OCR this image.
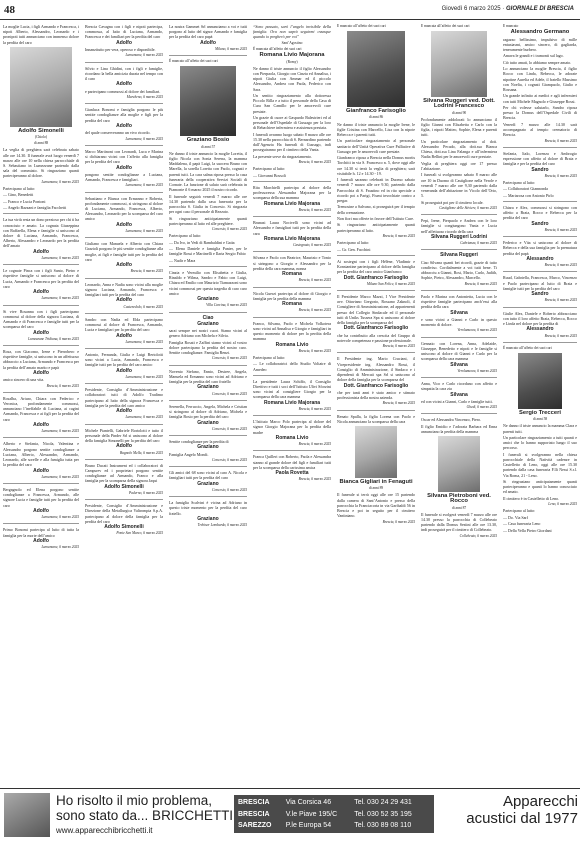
48	Giovedì 6 marzo 2025 · GIORNALE DI BRESCIA

La moglie Lucia, i figli Armando e Francesca, i nipoti Alberto, Alessandro, Leonardo e i pronipoti tutti annunciano con immenso dolore la perdita del caro

Adolfo Simonelli
(Chiolo)
di anni 88

La veglia di preghiera sarà celebrata sabato alle ore 14.30. Il funerale avrà luogo venerdì 7 marzo alle ore 10 nella chiesa parrocchiale di S. Sebastiano in Lumezzane partendo dalla sala del commiato. Si ringraziano quanti parteciperanno al dolore.

Lumezzane, 6 marzo 2025

Partecipano al lutto:

— Gino, Benedetti

— Franco e Lucia Pontoni

— Angelo Bazzani e famiglia Facchetti

La tua virtù resta un dono prezioso per chi ti ha conosciuto e amato. La cognata Giuseppina con Raffaella, Elena e famiglie si uniscono al dolore di Luciana, Armando, Francesca, Alberto, Alessandro e Leonardo per la perdita dell’amato

Adolfo
Lumezzane, 6 marzo 2025

Le cognate Pinca con i figli Santo, Pietro e rispettive famiglie si uniscono al dolore di Lucia, Armando e Francesca per la perdita del caro

Adolfo
Lumezzane, 6 marzo 2025

Si vive Rosanna con i figli partecipano commossi al dolore della signora Luciana, di Armando e di Francesca e famiglie tutti per la scomparsa del caro

Adolfo
Lumezzane Tridiana, 6 marzo 2025

Rosa, con Giacomo, Irene e Pierrobero e rispettive famiglie, si uniscono in un affettuoso abbraccio a Luciana, Armando e Francesca per la perdita dell’amato marito e papà

Adolfo

amico sincero di una vita.

Brescia, 6 marzo 2025

Rosalba, Arturo, Chiara con Federico e Veronica, profondamente commossi, annunciano l’ineffabile di Luciana, ai cugini Armando, Francesca e ai figli per la perdita del caro

Adolfo
Lumezzane, 6 marzo 2025

Alberto e Stefania, Nicola, Valentina e Alessandro porgono sentite condoglianze a Luciana, Alberto, Alessandro, Armando, Leonardo, alle sorelle e alla famiglia tutta per la perdita del caro

Adolfo
Lumezzane, 6 marzo 2025

Bergagnolo ed Elena porgono sentite condoglianze a Francesca, Armando, alle signore Lucia e famiglie tutti per la perdita del caro

Adolfo
Lumezzane, 6 marzo 2025

Primo Bonomi partecipa al lutto di tutta la famiglia per la morte dell’amico

Adolfo
Lumezzane, 6 marzo 2025

Brescia Cavagna con i figli e nipoti partecipa, commossa, al lutto di Luciana, Armando, Francesca e dei familiari per la perdita del caro

Adolfo

Innanzitutto per vera, operoso e disponibile.

Lumezzane, 6 marzo 2025

Silvio e Lina Ghidini, con i figli e famiglie, ricordano la bella amicizia durata nel tempo con il caro

Adolfo

e partecipano commossi al dolore dei familiari.

Marcheno, 6 marzo 2025

Gianluca Bonomi e famiglia porgono le più sentite condoglianze alla moglie e figli per la perdita del caro

Adolfo

del quale conserveranno un vivo ricordo.

Lumezzane, 6 marzo 2025

Marco Martinoni con Leonardi, Luca e Marina si dichiarano vicini con l’affetto alla famiglia per la perdita del caro

Adolfo

pongono sentite condoglianze a Luciana, Armando, Francesca e famigliari.

Lumezzane, 6 marzo 2025

Sebastiano e Bianca con Ermanno e Roberta, profondamente commossi, si stringono al dolore di Luciana, Armando, Francesca, Alberto, Alessandro, Leonardo per la scomparsa del caro amico

Adolfo
Lumezzane, 6 marzo 2025

Giuliano con Manuela e Alberto con Chiara Grazioli porgono le più sentite condoglianze alla moglie, ai figli e famiglie tutti per la perdita del caro

Adolfo
Brescia, 6 marzo 2025

Leonardo, Anna e Nadia sono vicini alla moglie signora Luciana, Armando, Francesca e famigliari tutti per la perdita del caro

Adolfo
Castenedolo, 6 marzo 2025

Sandro con Nadia ed Elda partecipano commossi al dolore di Francesca, Armando, Lucia e famigliari per la perdita del caro

Adolfo
Lumezzane, 6 marzo 2025

Antonio, Fernanda, Giulia e Luigi Bertolotti sono vicini a Lucia, Armando, Francesca e famiglie tutti per la perdita del caro amico

Adolfo
Lumezzane, 6 marzo 2025

Presidente, Consiglio d’Amministrazione e collaboratori tutti di Adolfo Tradimo partecipano al lutto della signora Francesca e famiglia per la perdita del caro amico

Adolfo
Lumezzane, 6 marzo 2025

Michele Piantelli, Gabriele Bortolotti e tutto il personale della Pinder Srl si uniscono al dolore della famiglia Simonelli per la perdita del caro

Adolfo
Bagnolo Mella, 6 marzo 2025

Bruno Ducati Instrument ed i collaboratori di Campsrev ed i proprietari porgono sentite condoglianze ad Armando, Franco e alla famiglia per la scomparsa della signora Jaqui

Adolfo Simonelli
Paderno, 6 marzo 2025

Presidente, Consiglio d’Amministrazione e Direzione della Metallurgica Valtrompia S.p.A. partecipano al dolore della famiglia per la perdita del caro

Adolfo Simonelli
Ponte San Marco, 6 marzo 2025

La nostra Gammet Srl annunciamo a voi e tutti porgono al lutto del signor Armando e famiglia per la perdita del caro papà

Adolfo
Milano, 6 marzo 2025

È mancato all’affetto dei suoi cari

Graziano Bosio
di anni 57

Ne danno il triste annuncio la moglie Loretta, il figlio Nicola con Sonia Serena, la mamma Maddalena, il papà Luigi, la suocera Bruno con Marella, la sorella Loretta con Paolo, cognati e parenti tutti. La cara salma riposa presso la casa funeraria della cooperativa Servizi Sociali di Cornate. La funzione di saluto sarà celebrata in Piamonte il 6 marzo 2025 il nostro ricordo.

Il funerale seguirà venerdì 7 marzo alle ore 14.30 partendo dalla casa funeraria per la parrocchia S. Giulia in Concesio. Si ringrazia per ogni caso il personale di Rezzato.

Si ringraziano anticipatamente quanti parteciperanno al lutto ed alle preghiere.

Concesio, 6 marzo 2025

Partecipano al lutto:

— Da Ivo, in Vedi di Rambaldini e Gatta

— Elena Daniele e famiglia Panier, per le famiglie Rossi e Martinelli e Ilaria Sergio Fabio

— Nadir e Mara

Cinzia e Vermilio con Elisabetta e Giulia, Rinaldo e Wilma, Sandro e Fabio con Luigi, Chiara ed Emilio con Maurizio Tiamazzoni sono vicini commossi per questa tragedia di caro caro amico

Graziano
Villa Carcina, 6 marzo 2025
Ciao
Graziano

sarai sempre nei nostri cuori. Siamo vicini al genero Adriano con Michela e Silvia.

Famiglia Rosati e Zaffini siamo vicini al vostro dolore partecipano la perdita del nostro caro. Sentite condoglianze. Famiglia Renzi.

Concesio, 6 marzo 2025

Novenio Stefano, Ennio, Desiree, Angela, Manuela ed Ermanno sono vicini ad Adriano e famiglia per la perdita del caro fratello

Graziano
Concesio, 6 marzo 2025

Serenella, Ferruccio, Angela, Michela e Cristian si stringono al dolore di Adriano, Michela e famiglia Bosio per la perdita del caro

Graziano
Concesio, 6 marzo 2025

Sentite condoglianze per la perdita di

Graziano

Famiglia Angelo Mondi.

Concesio, 6 marzo 2025

Gli amici del 68 sono vicini al caro A. Nicola e famigliari tutti per la perdita del caro

Graziano
Concesio, 6 marzo 2025

La famiglia Scalvini è vicina ad Adriano in questo triste momento per la perdita del caro fratello.

Graziano
Trebisor Lombardo, 6 marzo 2025

“Sono passato, sarò l’angelo invisibile della famiglia. Ora non saprà seguirmi ovunque quando io pregherò per voi”

Sant’Agostino

È mancata all’affetto dei suoi cari

Romana Livio Majorana
(Romy)

Ne danno il triste annuncio il figlio Alessandro con Pierpaola, Giorgio con Cinzia ed Annalisa, i nipoti Giulia con Ammar ed il piccolo Alessandro, Andrea con Paola, Federico con Sara.

Un sentito ringraziamento alla dottoressa Piccolo Rilla e a tutto il personale della Casa di Cura San Camillo per le amorevoli cure prestate.

Un grazie di cuore ai Gaspardo Balestrieri ed al personale dell’Ospedale di Gussago per la loro di Rebachiere infermiera e assistenza prestata.

I funerali avranno luogo sabato 8 marzo alle ore 15.30 nella parrocchia di S. Bernardino partendo dall’Agenzia Ha funerali di Gussago, indi proseguiranno per il cimitero della Vanta.

La presente serve da ringraziamento.

Brescia, 6 marzo 2025

Partecipano al lutto:

— Giovanni Bossoli

Rita Marchielli partecipa al dolore della professoressa Alessandra Majorana per la scomparsa della sua mamma

Romana Livio Majorana
Brescia, 6 marzo 2025

Brunasi Laura Nocivelli sono vicini ad Alessandro e famigliari tutti per la perdita della cara

Romana Livio Majorana
Castegnato, 6 marzo 2025

Silvana e Paolo con Beatrice, Maurizio e Tonio si stringono a Giorgio e Alessandro per la perdita della cara mamma, nonna

Romana
Brescia, 6 marzo 2025

Nicola Guerzi partecipa al dolore di Giorgio e famiglia per la perdita della mamma

Romana
Brescia, 6 marzo 2025

Franco, Silvana, Paolo e Michela Volkotera sono vicini ad Annalisa e Giorgio e famigliari in questo momento di dolore per la perdita della mamma

Romana Livio
Brescia, 6 marzo 2025

Partecipano al lutto:

— Le collaboratrici dello Studio Voltaire di Amedeo

La presidente Laura Schiffo, il Consiglio Direttivo e tutti i soci dell’Istituto Ulivi Sforzini sono vicini al consigliere Giorgio per la scomparsa della cara mamma

Romana Livio Majorana
Brescia, 6 marzo 2025

L’Istituto Marco Polo partecipa al dolore del signor Giorgio Majorana per la perdita della madre

Romana Livio
Brescia, 6 marzo 2025

Franca Quilleri con Roberto, Paola e Alessandra stanno al grande dolore del figli e familiari tutti per la scomparsa della carissima amica

Paola Rovetta
Brescia, 6 marzo 2025

È mancato all’affetto dei suoi cari

Gianfranco Farisoglio
di anni 86

Ne danno il triste annuncio la moglie Irene, le figlie Cristina con Marcello, Lisa con la nipote Rebecca e i parenti tutti.

Un particolare ringraziamento al personale sanitario dell’Unità Operativa Cure Palliative di Gussago per le amorevoli cure prestate.

Gianfranco riposa a Brescia nella Domus mortis Torchitti in via S. Francesco n. 5, dove oggi alle ore 14.30 si terrà la veglia di preghiera; sarà visitabile h. 12 e 14.30 - 19.

I funerali saranno celebrati in Duomo sabato venerdì 7 marzo alle ore 9.30, partendo dalla Parrocchia di S. Faustino ed in rito speciale a ricordo poi a Parigi, Fiumi invochiate contro a pregar.

Tremosine a Salvano, si proseguirà per il tempio della cremazione.

Non fiori ma offerte in favore dell’Istituto Cure.

Si ringraziano anticipatamente quanti parteciperanno al lutto.

Brescia, 6 marzo 2025

Partecipano al lutto:

— Gr. Gen. Facchini

Ai sostegni con i figli Hélène, Vladimir e Konstantine partecipano al dolore della famiglia per la perdita del caro amico Gianfranco

Dott. Gianfranco Farisoglio
Milano San Felice, 6 marzo 2025

Il Presidente Marco Mazzi, I Vice Presidente avv. Ottaviano Gregorio, Rossano Zaknoli, il Consigliere di Amministrazione, ad appartenenti presso del Collegio Sindacale ed il personale tutti di Uniks Tussera Spa si uniscono al dolore della famiglia per la scomparsa del

Dott. Gianfranco Farisoglio

che ha contribuito alla crescita del Gruppo di notevole competenza e passione professionale.

Brescia, 6 marzo 2025

Il Presidente ing. Mario Cruciani, il Vicepresidente ing. Alessandro Rossi, il Consiglio di Amministrazione, il Sindaco e i dipendenti di Mercati spa Srl si uniscono al dolore della famiglia per la scomparsa del

Dott. Gianfranco Farisoglio

che per tanti anni è stato amico e stimato professionista della nostra azienda.

Brescia, 6 marzo 2025

Renato Spalla, la figlia Lorena con Paolo e Nicola annunciano la scomparsa della cara

Bianca Gigliari in Fenaguti
di anni 89

Il funerale si terrà oggi alle ore 15 partendo dalla camera di Sant’Antonio e presso della parrocchia la Franciacorta in via Garibaldi 56 in Brescia e poi in seguito per il cimitero Vantiniano.

Brescia, 6 marzo 2025

È mancata all’affetto dei suoi cari

Silvana Ruggeri ved. Dott. Lodrini Francesco
di anni 90

Profondamente addolorati lo annunciano il figlio Gianni con Elisabetta e Carlo con la figlia, i nipoti Matteo, Sophie, Elena e parenti tutti.

Un particolare ringraziamento al dott. Alessandro Pecado, alla dott.ssa Bianca Chiesa, dott.ssa Lina Falanga e all’infermiera Nadia Bellini per le amorevoli cure prestate.

Veglia di preghiera oggi ore 17 presso l’abitazione.

I funerali si svolgeranno sabato 8 marzo alle ore 10 in Duomo di Castiglione nella Verole e venerdì 7 marzo alle ore 9,30 partendo dalla veneranda dell’abitazione in Vicolo dell’Orto, 5.

Si proseguirà poi per il cimitero locale.

Castiglione delle Stiviere, 6 marzo 2025

Pepi, Irene, Pierpaolo e Andrea con le loro famiglie si congiungono Vania e Lucia nell’affettuoso ricordo della cara

Silvana Ruggeri Lodrini
Cabrianza, 6 marzo 2025
Silvana Ruggeri

Ciao Silvana quanti bei ricordi, grazie di tutto condiviso. Cordialmente a voi tutti bene. Ti abbracciu a Gianni, Rosi, Mario, Carlo, Judith, Sophie, Pietro, Alessandro, Marcello.

Brescia, 6 marzo 2025

Paolo e Marina con Antonietta, Lucia con le rispettive famiglie partecipano anch’essi alla perdita della cara

Silvana

e sono vicini a Gianni e Carlo in questo momento di dolore.

Verolanuova, 6 marzo 2025

Gennaio con Lorena, Anna, Adelaide, Giuseppe, Benedetto e nipoti e le famiglie si uniscono al dolore di Gianni e Carlo per la scomparsa della cara mamma

Silvana
Verolanuova, 6 marzo 2025

Anna, Vico e Carlo ricordano con affetto e simpatia la cara zia

Silvana

ed con vicini a Gianni, Carlo e famiglie tutti.

Ghedi, 6 marzo 2025

Oscar ed Alessandra Vincenzo, Piero.

Il figlio Emidio e l’adorata Barbara ed Enna annunciano la perdita della mamma

Silvana Pietroboni ved. Rocco
di anni 87

Il funerale si svolgerà venerdì 7 marzo alle ore 14.30 presso la parrocchia di Collebeato partendo dalla Domus Sestini alle ore 13.30, indi proseguirà per il cimitero di Collebeato.

Collebeato, 6 marzo 2025

È mancato

Alessandro Germano

ragazzo bellissimo, impulsivo di mille entusiasmi, amico sincero, di gagliarda, teneramente burbero.

Amava le grandi e i tramonti sul lago.

Ciò tutto amati, lo abbiamo sempre amato.

Lo annunciano la moglie Brescia, il figlio Rocco con Linda, Rebecca, le adorate nipotine Aurelia ed Adele, il fratello Massimo con Noelia, i cognati Giampaolo, Giulio e Rossana.

Un grande infinito ai medici e agli infermieri con tutti Michele Magnolo e Giuseppe Rossi.

Per chi volesse salutarlo, Sandro riposa presso la Domus dell’Ospedale Civili di Brescia.

Venerdì 7 marzo alle 14.30 sarà accompagnato al tempio crematorio di Brescia.

Brescia, 6 marzo 2025

Stefania, Italo, Lorenza e Ambrogio espressione con affetto al dolore di Braia e famiglia e per la perdita del caro

Sandro
Brescia, 6 marzo 2025

Partecipano al lutto:

— Collaboratori Giannonda

— Mariarosa con Antonio Pirlo

Chiara e Alex, commossi si stringono con affetto a Braia, Rocco e Rebecca per la perdita del caro

Sandro
Brescia, 6 marzo 2025

Federico e Vita si uniscono al dolore di Rebecca e della sua famiglia per la prematura perdita del papà

Alessandro
Brescia, 6 marzo 2025

Ruud, Gabriella, Francesca, Marco, Vincenzo e Paolo partecipano al lutto di Braia e famiglie tutti per la perdita del caro

Sandro
Brescia, 6 marzo 2025

Giulie Alex, Daniele e Roberto abbracciano con tutto il loro affetto Braia, Rebecca, Rocco e Linda nel dolore per la perdita di

Alessandro
Brescia, 6 marzo 2025

È mancato all’affetto dei suoi cari

Sergio Trecceri
di anni 58

Ne danno il triste annuncio la mamma Clara e parenti tutti.

Un particolare ringraziamento a tutti quanti e amici che lo hanno supportato lungo il suo percorso.

I funerali si svolgeranno nella chiesa parrocchiale della Natività cadenze in Castelletto di Leno, oggi alle ore 15.30 partendo dalla casa funeraria F.lli Nessi S.r.l. Via Roma, 21 - Leno.

Si ringraziano anticipatamente quanti parteciperanno e quanti lo hanno conosciuto ed amato.

Il cimitero è in Castelletto di Leno.

Leno, 6 marzo 2025

Partecipano al lutto:

— Do. Via Sarf

— Casa funeraria Leno

— Della Vella Pietro Giordani

Ho risolto il mio problema,
sono stato da... BRICCHETTI
www.apparecchibricchetti.it
BRESCIA	Via Corsica 46	Tel. 030 24 29 431
BRESCIA	V.le Piave 195/C	Tel. 030 52 35 195
SAREZZO	P.le Europa 54	Tel. 030 89 08 110
Apparecchi
acustici dal 1977
